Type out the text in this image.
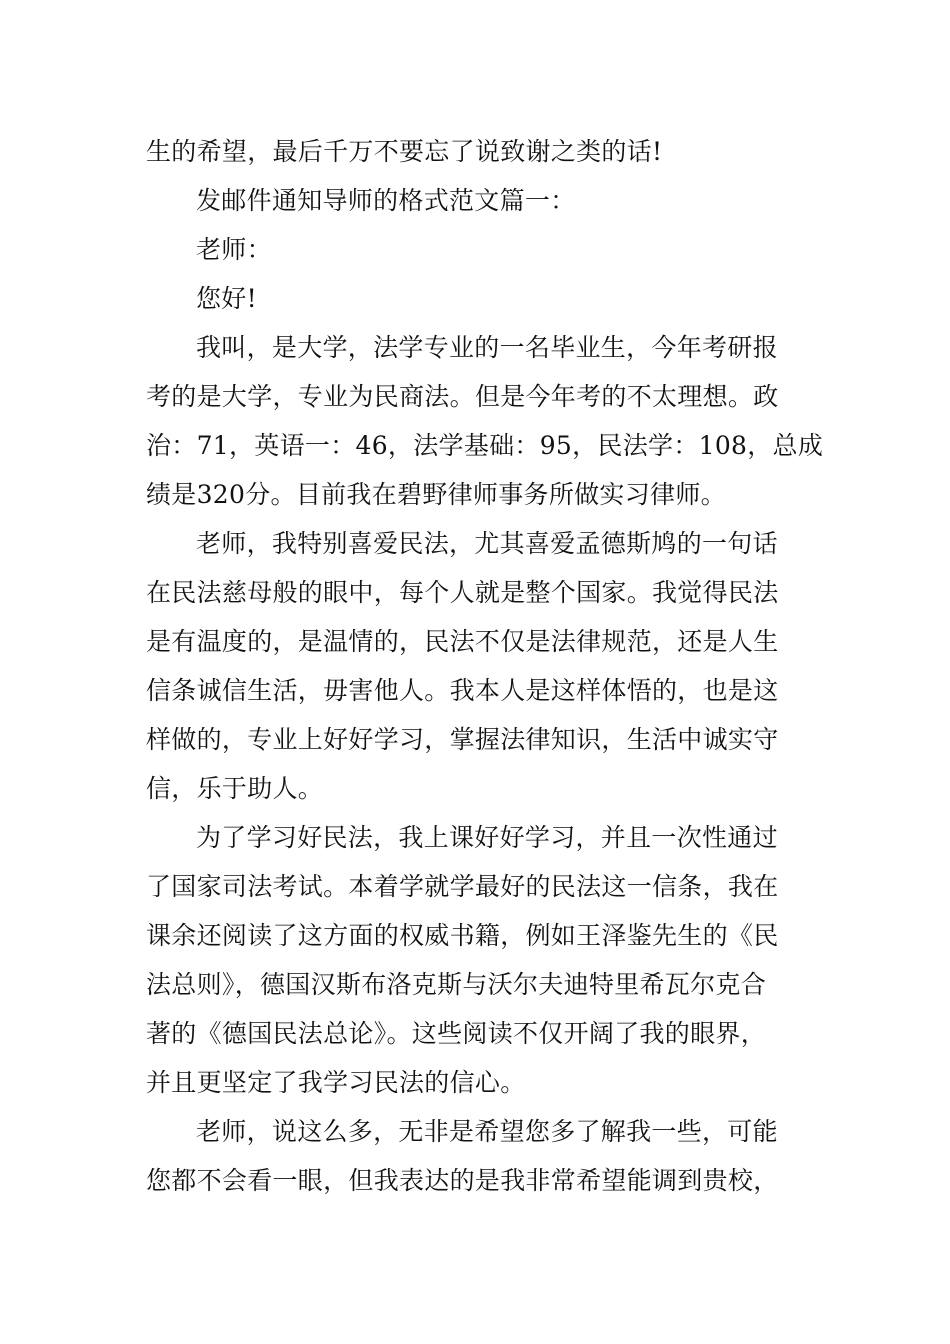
生的希望，最后千万不要忘了说致谢之类的话!
发邮件通知导师的格式范文篇一：
老师：
您好!
我叫，是大学，法学专业的一名毕业生，今年考研报
考的是大学，专业为民商法。但是今年考的不太理想。政
治：71，英语一：46，法学基础：95，民法学：108，总成
绩是320分。目前我在碧野律师事务所做实习律师。
老师，我特别喜爱民法，尤其喜爱孟德斯鸠的一句话
在民法慈母般的眼中，每个人就是整个国家。我觉得民法
是有温度的，是温情的，民法不仅是法律规范，还是人生
信条诚信生活，毋害他人。我本人是这样体悟的，也是这
样做的，专业上好好学习，掌握法律知识，生活中诚实守
信，乐于助人。
为了学习好民法，我上课好好学习，并且一次性通过
了国家司法考试。本着学就学最好的民法这一信条，我在
课余还阅读了这方面的权威书籍，例如王泽鉴先生的《民
法总则》，德国汉斯布洛克斯与沃尔夫迪特里希瓦尔克合
著的《德国民法总论》。这些阅读不仅开阔了我的眼界，
并且更坚定了我学习民法的信心。
老师，说这么多，无非是希望您多了解我一些，可能
您都不会看一眼，但我表达的是我非常希望能调到贵校，
